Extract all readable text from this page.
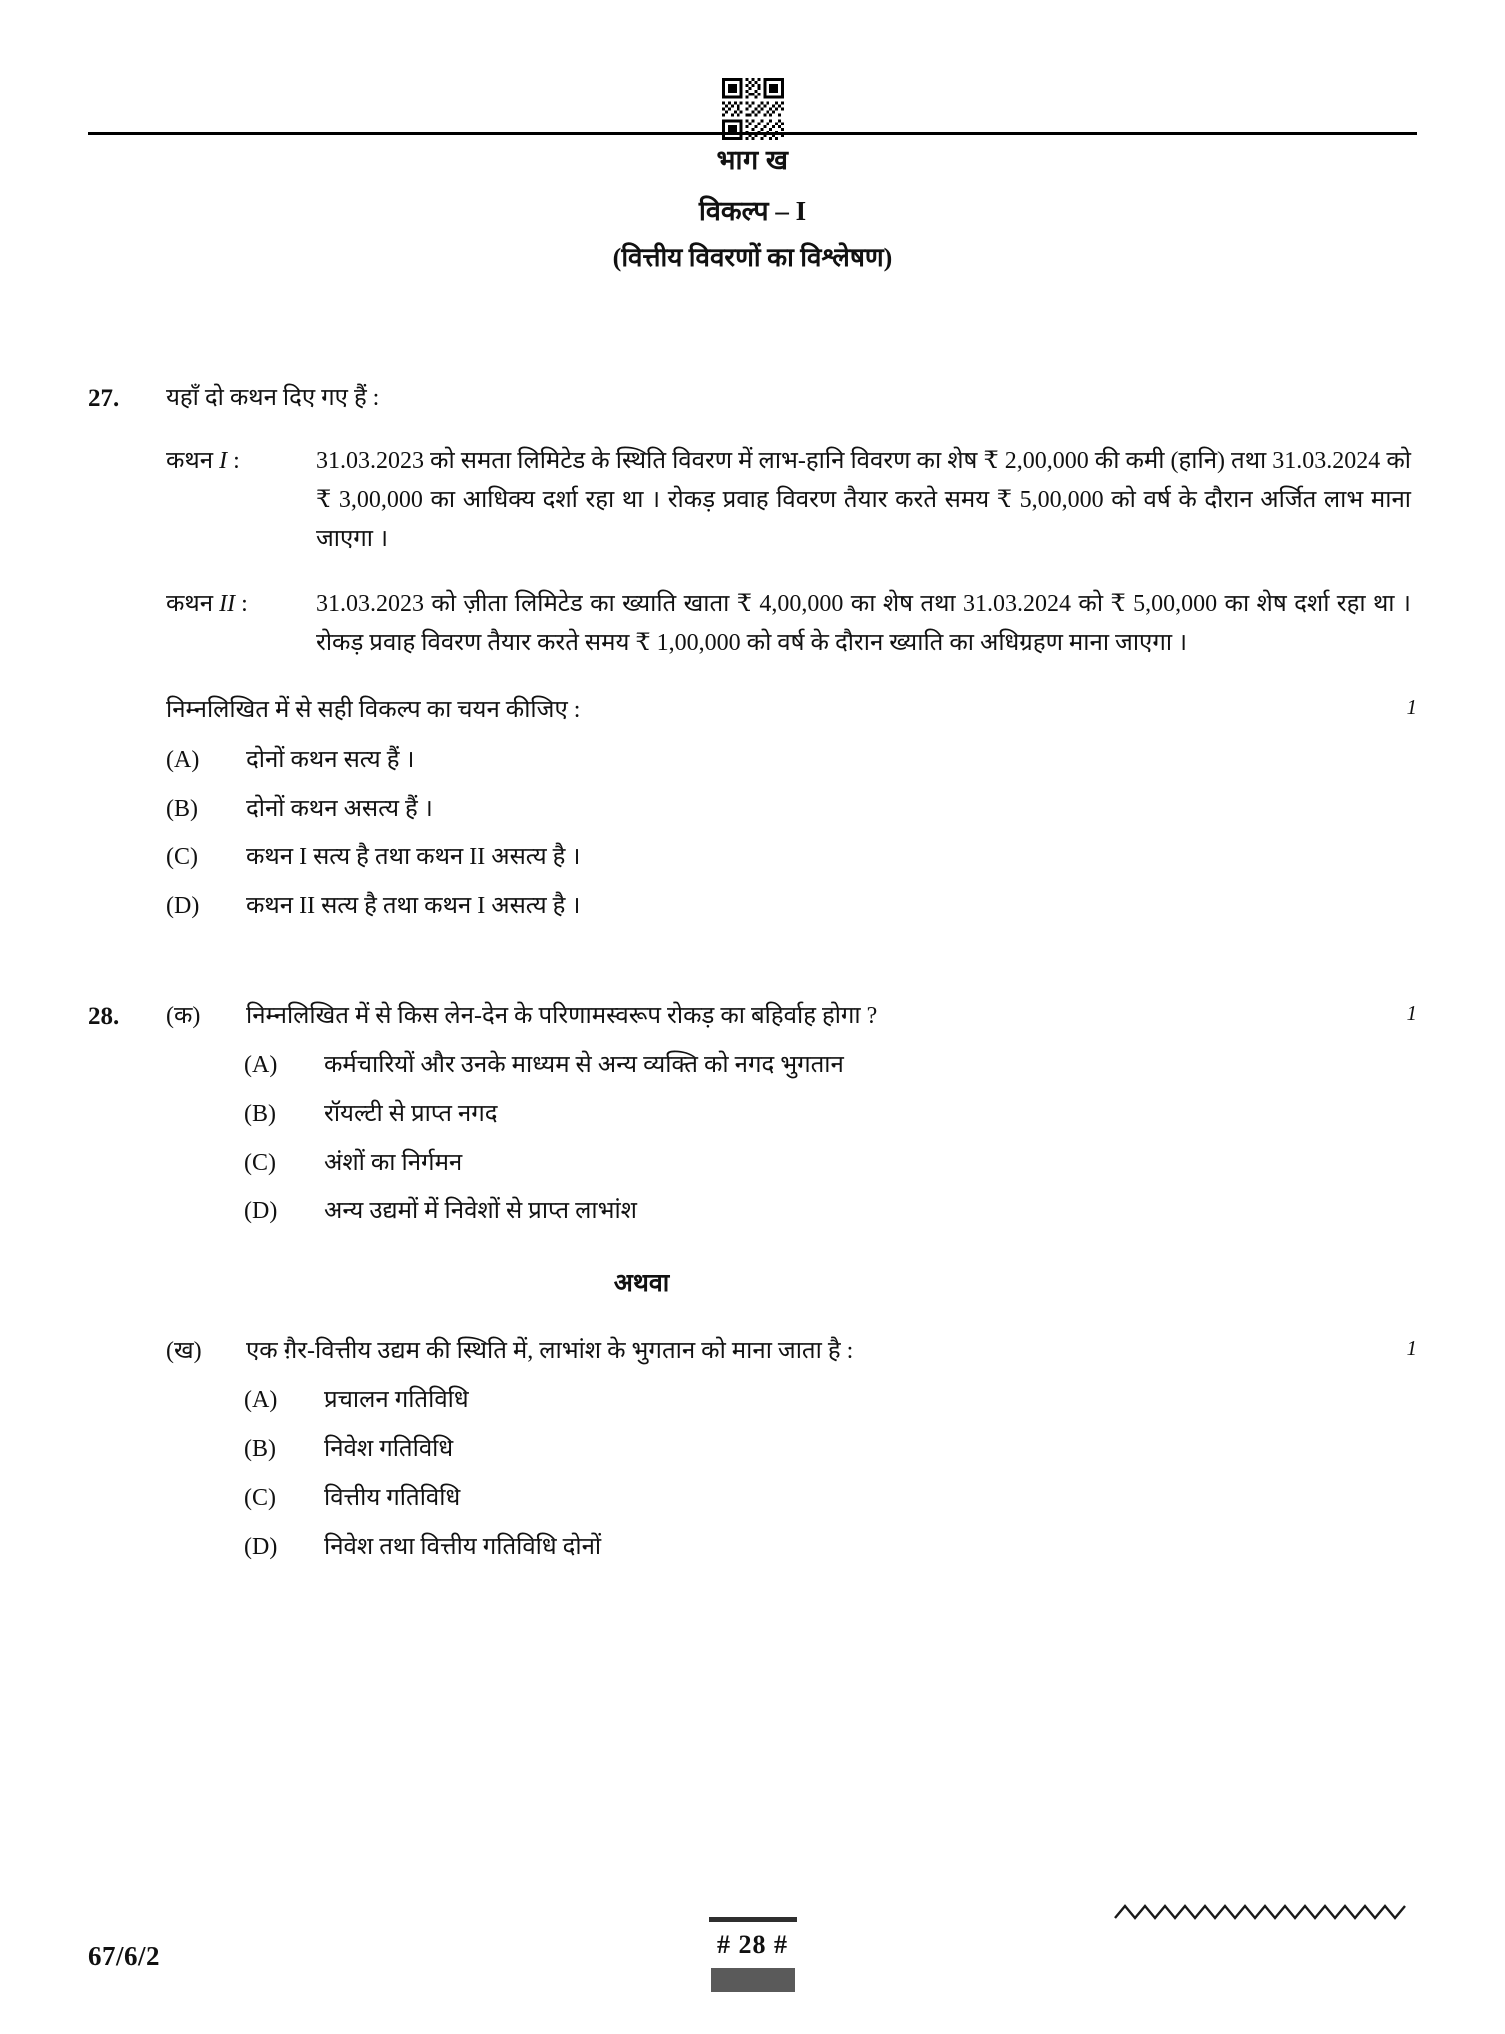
भाग ख
विकल्प – I
(वित्तीय विवरणों का विश्लेषण)
27.	यहाँ दो कथन दिए गए हैं :
कथन I :	31.03.2023 को समता लिमिटेड के स्थिति विवरण में लाभ-हानि विवरण का शेष ₹ 2,00,000 की कमी (हानि) तथा 31.03.2024 को ₹ 3,00,000 का आधिक्य दर्शा रहा था । रोकड़ प्रवाह विवरण तैयार करते समय ₹ 5,00,000 को वर्ष के दौरान अर्जित लाभ माना जाएगा ।
कथन II :	31.03.2023 को ज़ीता लिमिटेड का ख्याति खाता ₹ 4,00,000 का शेष तथा 31.03.2024 को ₹ 5,00,000 का शेष दर्शा रहा था । रोकड़ प्रवाह विवरण तैयार करते समय ₹ 1,00,000 को वर्ष के दौरान ख्याति का अधिग्रहण माना जाएगा ।
निम्नलिखित में से सही विकल्प का चयन कीजिए :	1
(A)	दोनों कथन सत्य हैं ।
(B)	दोनों कथन असत्य हैं ।
(C)	कथन I सत्य है तथा कथन II असत्य है ।
(D)	कथन II सत्य है तथा कथन I असत्य है ।
28.	(क)	निम्नलिखित में से किस लेन-देन के परिणामस्वरूप रोकड़ का बहिर्वाह होगा ?	1
(A)	कर्मचारियों और उनके माध्यम से अन्य व्यक्ति को नगद भुगतान
(B)	रॉयल्टी से प्राप्त नगद
(C)	अंशों का निर्गमन
(D)	अन्य उद्यमों में निवेशों से प्राप्त लाभांश
अथवा
(ख)	एक ग़ैर-वित्तीय उद्यम की स्थिति में, लाभांश के भुगतान को माना जाता है :	1
(A)	प्रचालन गतिविधि
(B)	निवेश गतिविधि
(C)	वित्तीय गतिविधि
(D)	निवेश तथा वित्तीय गतिविधि दोनों
67/6/2	# 28 #
